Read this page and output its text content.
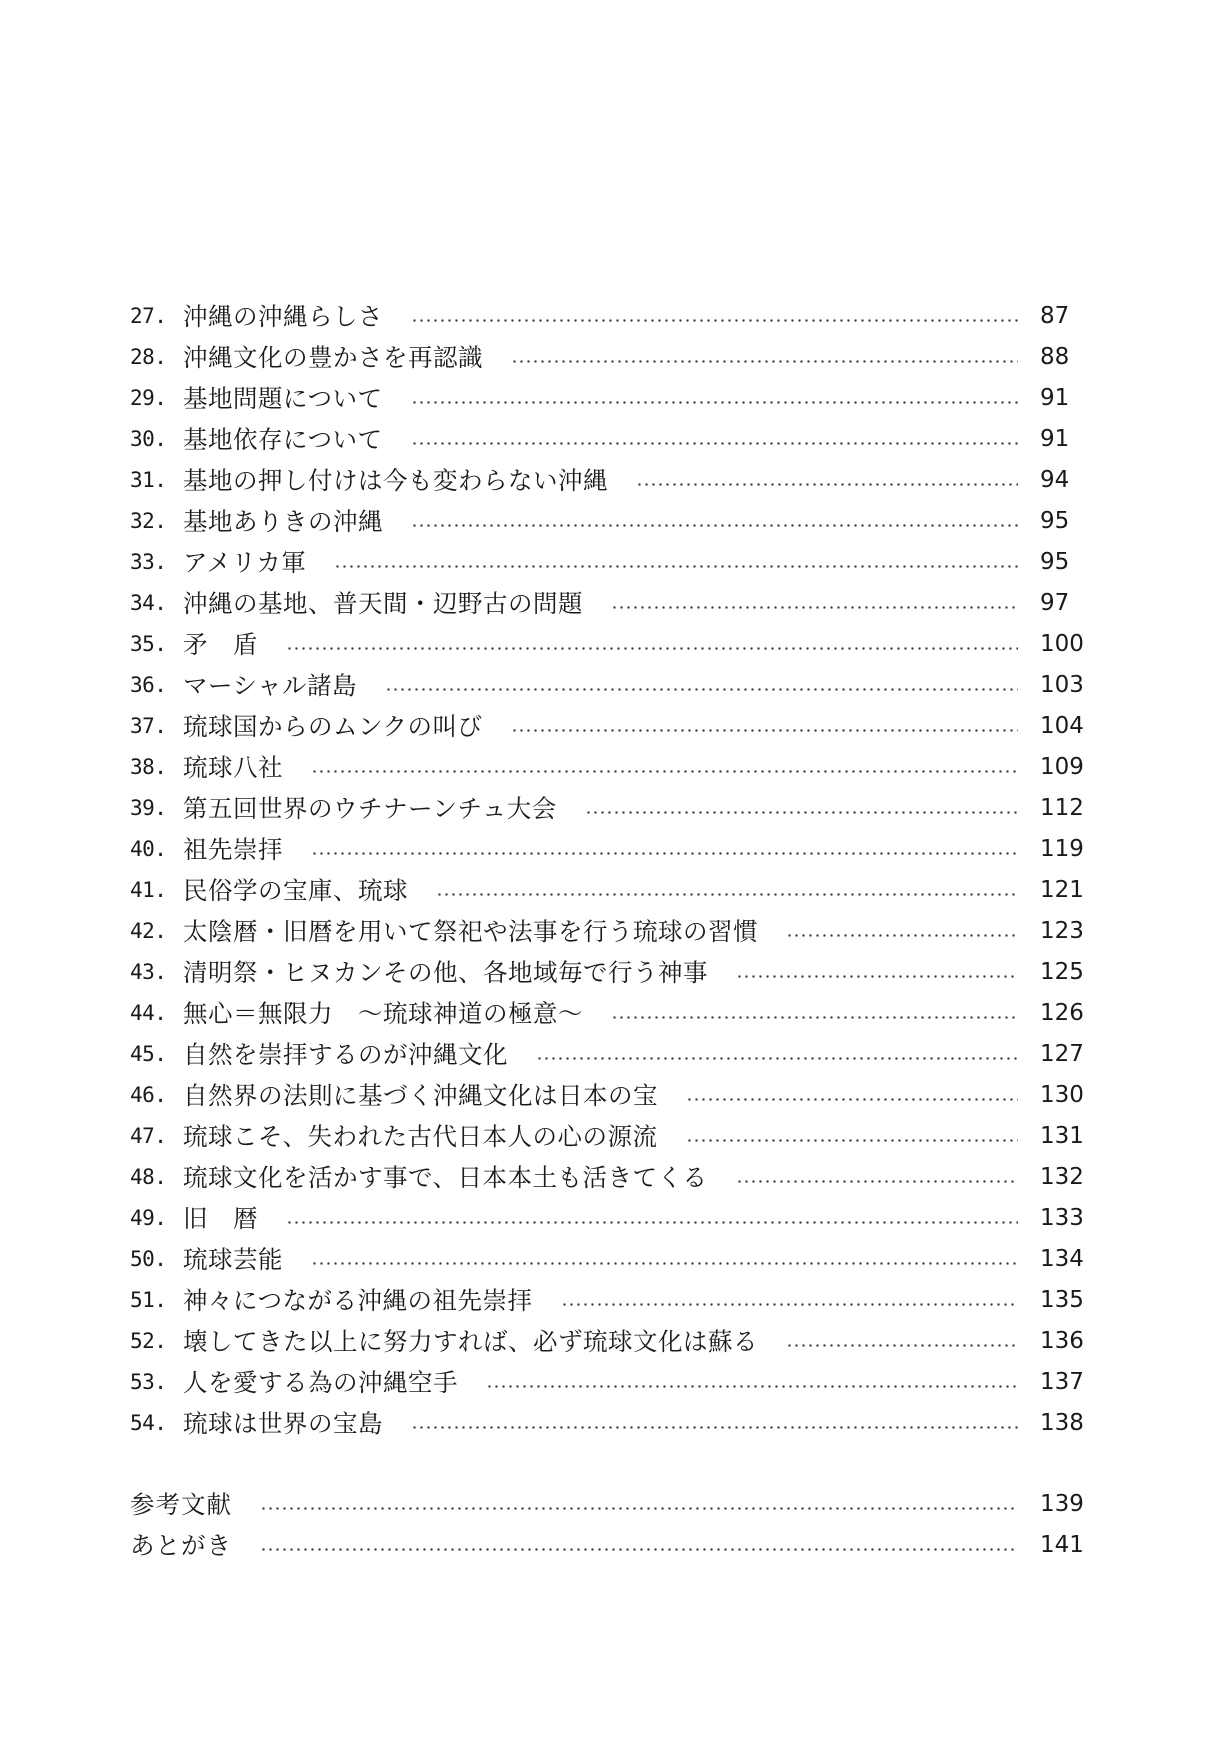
27. 沖縄の沖縄らしさ	87
28. 沖縄文化の豊かさを再認識	88
29. 基地問題について	91
30. 基地依存について	91
31. 基地の押し付けは今も変わらない沖縄	94
32. 基地ありきの沖縄	95
33. アメリカ軍	95
34. 沖縄の基地、普天間・辺野古の問題	97
35. 矛　盾	100
36. マーシャル諸島	103
37. 琉球国からのムンクの叫び	104
38. 琉球八社	109
39. 第五回世界のウチナーンチュ大会	112
40. 祖先崇拝	119
41. 民俗学の宝庫、琉球	121
42. 太陰暦・旧暦を用いて祭祀や法事を行う琉球の習慣	123
43. 清明祭・ヒヌカンその他、各地域毎で行う神事	125
44. 無心＝無限力　～琉球神道の極意～	126
45. 自然を崇拝するのが沖縄文化	127
46. 自然界の法則に基づく沖縄文化は日本の宝	130
47. 琉球こそ、失われた古代日本人の心の源流	131
48. 琉球文化を活かす事で、日本本土も活きてくる	132
49. 旧　暦	133
50. 琉球芸能	134
51. 神々につながる沖縄の祖先崇拝	135
52. 壊してきた以上に努力すれば、必ず琉球文化は蘇る	136
53. 人を愛する為の沖縄空手	137
54. 琉球は世界の宝島	138
参考文献	139
あとがき	141
